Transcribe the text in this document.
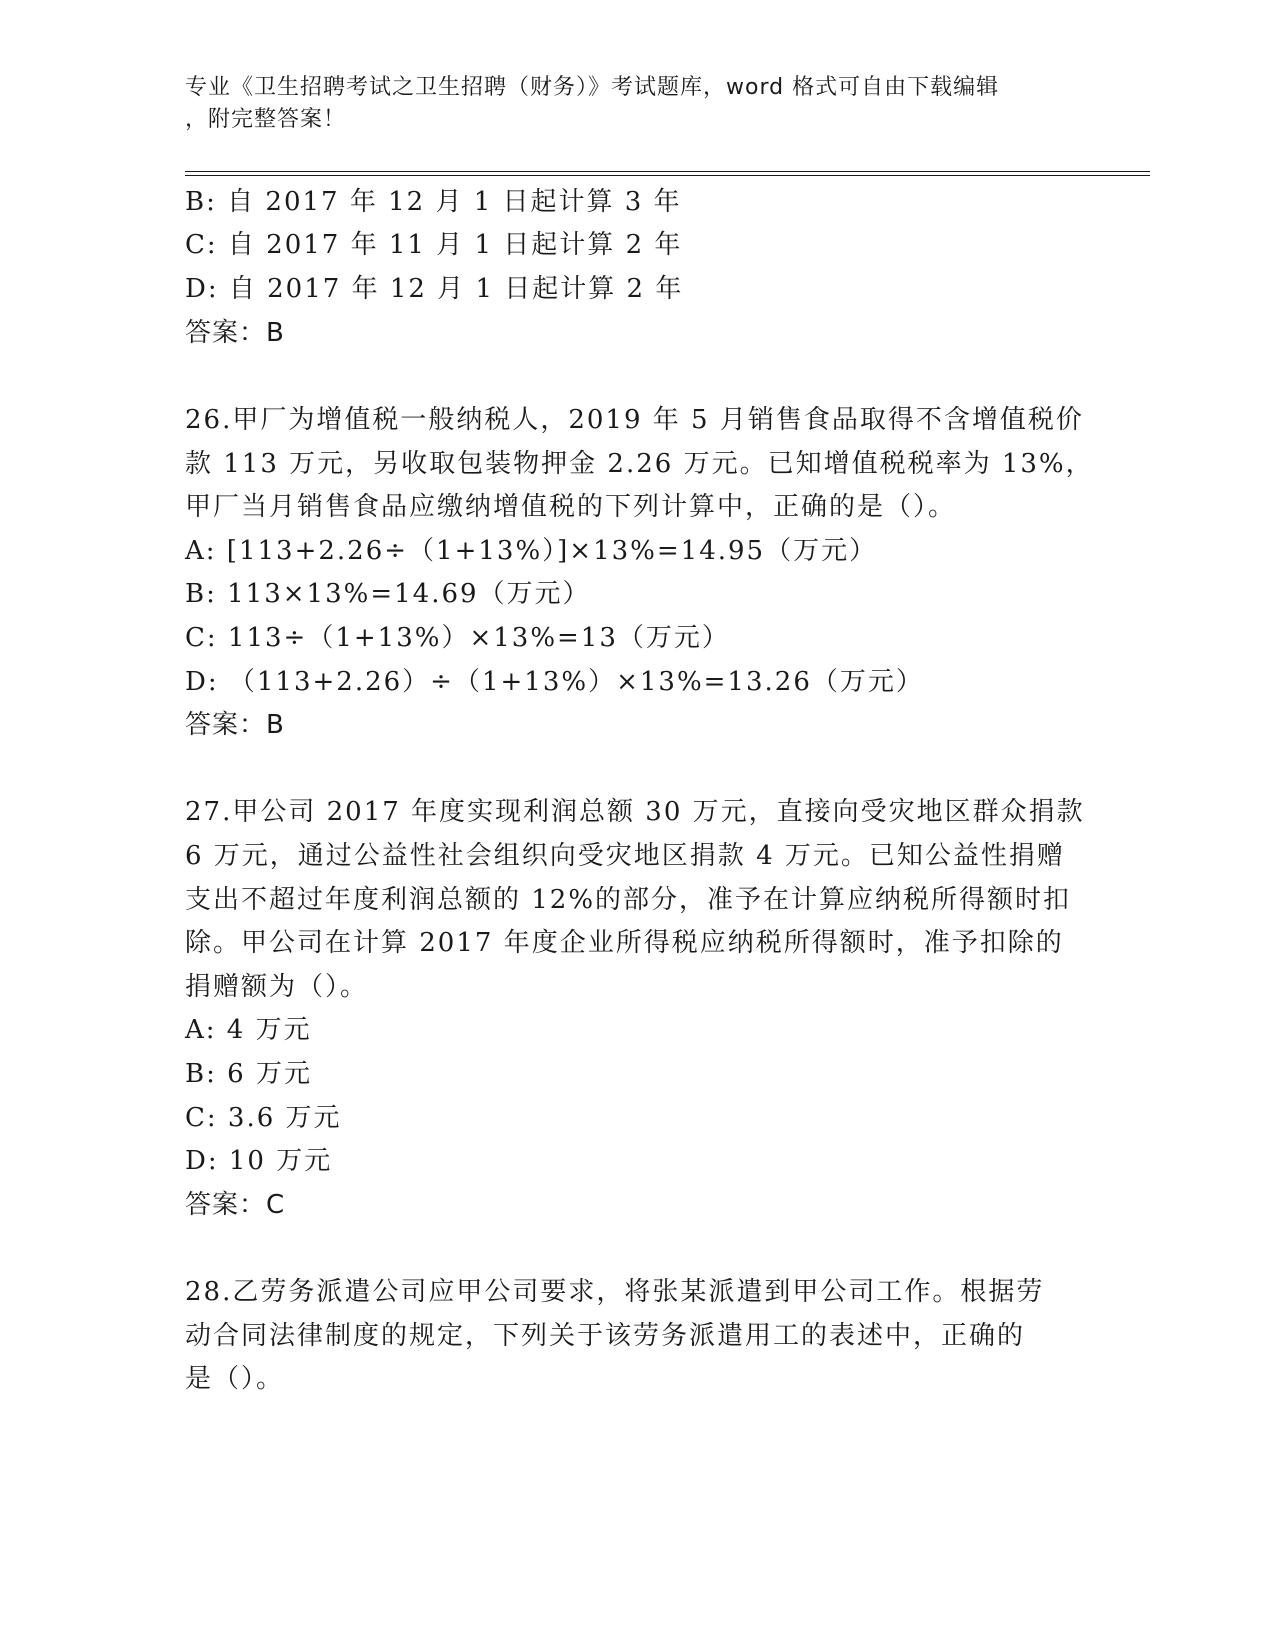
专业《卫生招聘考试之卫生招聘（财务）》考试题库，word 格式可自由下载编辑
，附完整答案！
B: 自 2017 年 12 月 1 日起计算 3 年
C: 自 2017 年 11 月 1 日起计算 2 年
D: 自 2017 年 12 月 1 日起计算 2 年
答案：B
26.甲厂为增值税一般纳税人，2019 年 5 月销售食品取得不含增值税价
款 113 万元，另收取包装物押金 2.26 万元。已知增值税税率为 13%，
甲厂当月销售食品应缴纳增值税的下列计算中，正确的是（）。
A: [113+2.26÷（1+13%）]×13%=14.95（万元）
B: 113×13%=14.69（万元）
C: 113÷（1+13%）×13%=13（万元）
D: （113+2.26）÷（1+13%）×13%=13.26（万元）
答案：B
27.甲公司 2017 年度实现利润总额 30 万元，直接向受灾地区群众捐款
6 万元，通过公益性社会组织向受灾地区捐款 4 万元。已知公益性捐赠
支出不超过年度利润总额的 12%的部分，准予在计算应纳税所得额时扣
除。甲公司在计算 2017 年度企业所得税应纳税所得额时，准予扣除的
捐赠额为（）。
A: 4 万元
B: 6 万元
C: 3.6 万元
D: 10 万元
答案：C
28.乙劳务派遣公司应甲公司要求，将张某派遣到甲公司工作。根据劳
动合同法律制度的规定，下列关于该劳务派遣用工的表述中，正确的
是（）。
